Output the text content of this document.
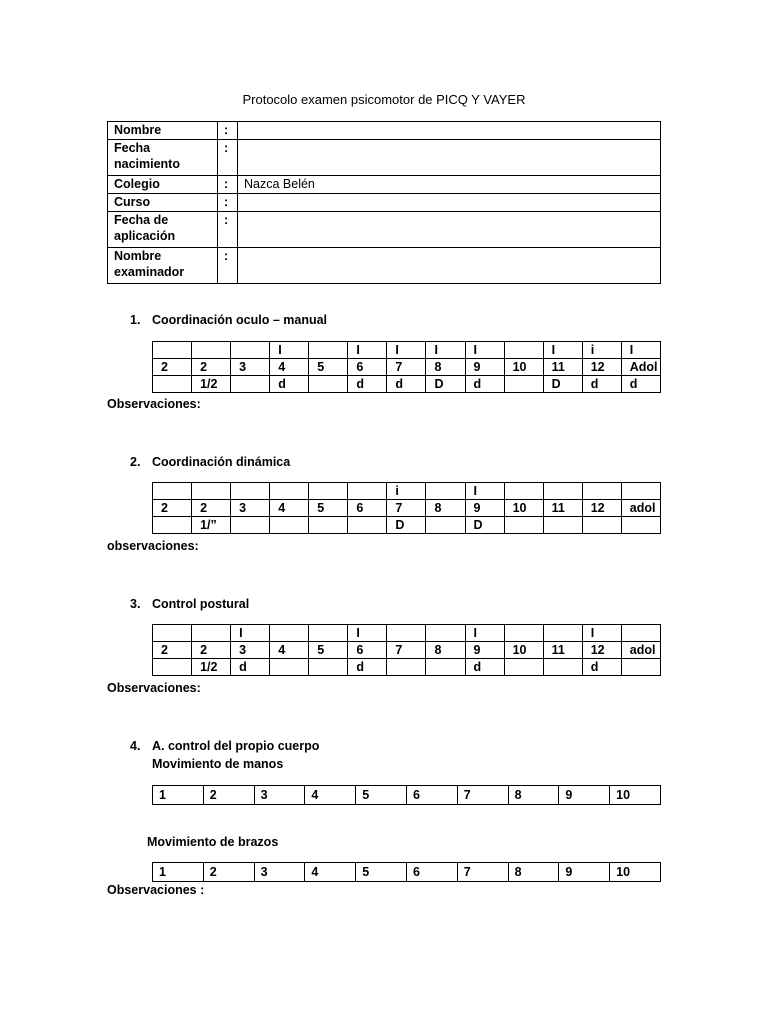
Protocolo examen psicomotor de PICQ Y VAYER
Nombre	:	
Fecha
nacimiento	:	
Colegio	:	Nazca Belén
Curso	:	
Fecha de
aplicación	:	
Nombre
examinador	:	
1. Coordinación oculo – manual
			I		I	I	I	I		I	i	I
2	2	3	4	5	6	7	8	9	10	11	12	Adol
	1/2		d		d	d	D	d		D	d	d
Observaciones:
2. Coordinación dinámica
						i		I				
2	2	3	4	5	6	7	8	9	10	11	12	adol
	1/”					D		D				
observaciones:
3. Control postural
		I			I			I			I	
2	2	3	4	5	6	7	8	9	10	11	12	adol
	1/2	d			d			d			d	
Observaciones:
4. A. control del propio cuerpo
Movimiento de manos
1	2	3	4	5	6	7	8	9	10
Movimiento de brazos
1	2	3	4	5	6	7	8	9	10
Observaciones :
